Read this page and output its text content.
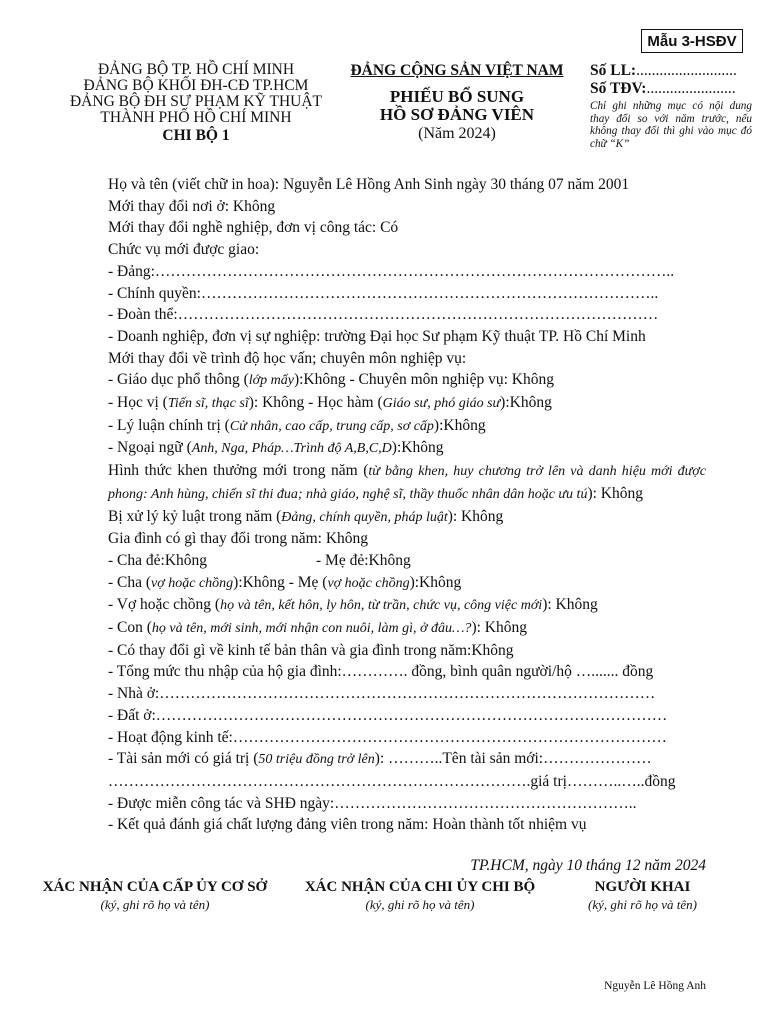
Mẫu 3-HSĐV
ĐẢNG BỘ TP. HỒ CHÍ MINH
ĐẢNG BỘ KHỐI ĐH-CĐ TP.HCM
ĐẢNG BỘ ĐH SƯ PHẠM KỸ THUẬT
THÀNH PHỐ HỒ CHÍ MINH
CHI BỘ 1
ĐẢNG CỘNG SẢN VIỆT NAM
PHIẾU BỔ SUNG
HỒ SƠ ĐẢNG VIÊN
(Năm 2024)
Số LL:..........................
Số TĐV:.......................
Chỉ ghi những mục có nội dung thay đổi so với năm trước, nếu không thay đổi thì ghi vào mục đó chữ “K”
Họ và tên (viết chữ in hoa): Nguyễn Lê Hồng Anh Sinh ngày 30 tháng 07 năm 2001
Mới thay đổi nơi ở: Không
Mới thay đổi nghề nghiệp, đơn vị công tác: Có
Chức vụ mới được giao:
- Đảng:………………………………………………………………………………………..
- Chính quyền:……………………………………………………………………………..
- Đoàn thể:…………………………………………………………………………………
- Doanh nghiệp, đơn vị sự nghiệp: trường Đại học Sư phạm Kỹ thuật TP. Hồ Chí Minh
Mới thay đổi về trình độ học vấn; chuyên môn nghiệp vụ:
- Giáo dục phổ thông (lớp mấy):Không - Chuyên môn nghiệp vụ: Không
- Học vị (Tiến sĩ, thạc sĩ): Không - Học hàm (Giáo sư, phó giáo sư):Không
- Lý luận chính trị (Cử nhân, cao cấp, trung cấp, sơ cấp):Không
- Ngoại ngữ (Anh, Nga, Pháp…Trình độ A,B,C,D):Không
Hình thức khen thưởng mới trong năm (từ bằng khen, huy chương trở lên và danh hiệu mới được phong: Anh hùng, chiến sĩ thi đua; nhà giáo, nghệ sĩ, thầy thuốc nhân dân hoặc ưu tú): Không
Bị xử lý kỷ luật trong năm (Đảng, chính quyền, pháp luật): Không
Gia đình có gì thay đổi trong năm: Không
- Cha đẻ:Không	- Mẹ đẻ:Không
- Cha (vợ hoặc chồng):Không - Mẹ (vợ hoặc chồng):Không
- Vợ hoặc chồng (họ và tên, kết hôn, ly hôn, từ trần, chức vụ, công việc mới): Không
- Con (họ và tên, mới sinh, mới nhận con nuôi, làm gì, ở đâu…?): Không
- Có thay đổi gì về kinh tế bản thân và gia đình trong năm:Không
- Tổng mức thu nhập của hộ gia đình:…………. đồng, bình quân người/hộ …....... đồng
- Nhà ở:……………………………………………………………………………………
- Đất ở:………………………………………………………………………………………
- Hoạt động kinh tế:…………………………………………………………………………
- Tài sản mới có giá trị (50 triệu đồng trở lên): ………..Tên tài sản mới:…………………
……………………………………………………………………….giá trị………..…..đồng
- Được miễn công tác và SHĐ ngày:…………………………………………………..
- Kết quả đánh giá chất lượng đảng viên trong năm: Hoàn thành tốt nhiệm vụ
TP.HCM, ngày 10 tháng 12 năm 2024
XÁC NHẬN CỦA CẤP ỦY CƠ SỞ
(ký, ghi rõ họ và tên)
XÁC NHẬN CỦA CHI ỦY CHI BỘ
(ký, ghi rõ họ và tên)
NGƯỜI KHAI
(ký, ghi rõ họ và tên)
Nguyễn Lê Hồng Anh
